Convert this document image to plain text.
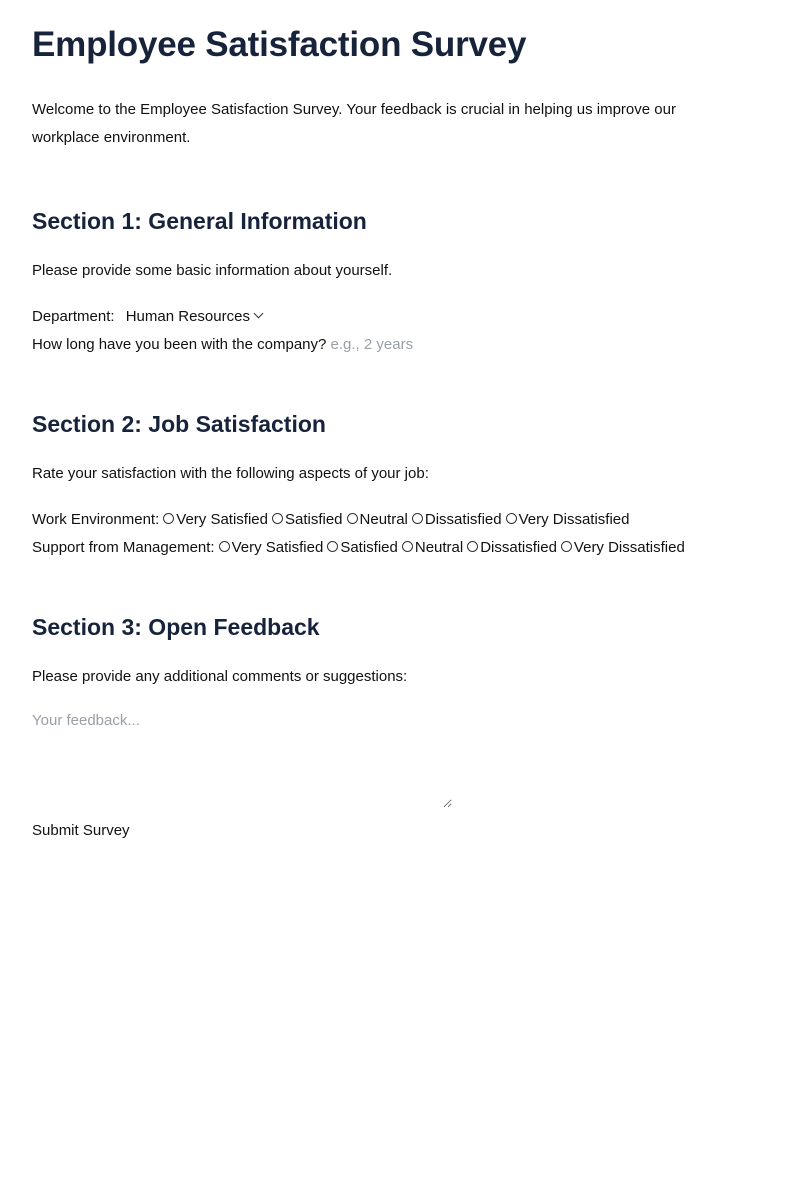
Employee Satisfaction Survey

Welcome to the Employee Satisfaction Survey. Your feedback is crucial in helping us improve our workplace environment.

Section 1: General Information

Please provide some basic information about yourself.

Department: Human Resources
How long have you been with the company? e.g., 2 years
Section 2: Job Satisfaction

Rate your satisfaction with the following aspects of your job:

Work Environment: Very Satisfied Satisfied Neutral Dissatisfied Very Dissatisfied
Support from Management: Very Satisfied Satisfied Neutral Dissatisfied Very Dissatisfied
Section 3: Open Feedback

Please provide any additional comments or suggestions:

Your feedback... Submit Survey
